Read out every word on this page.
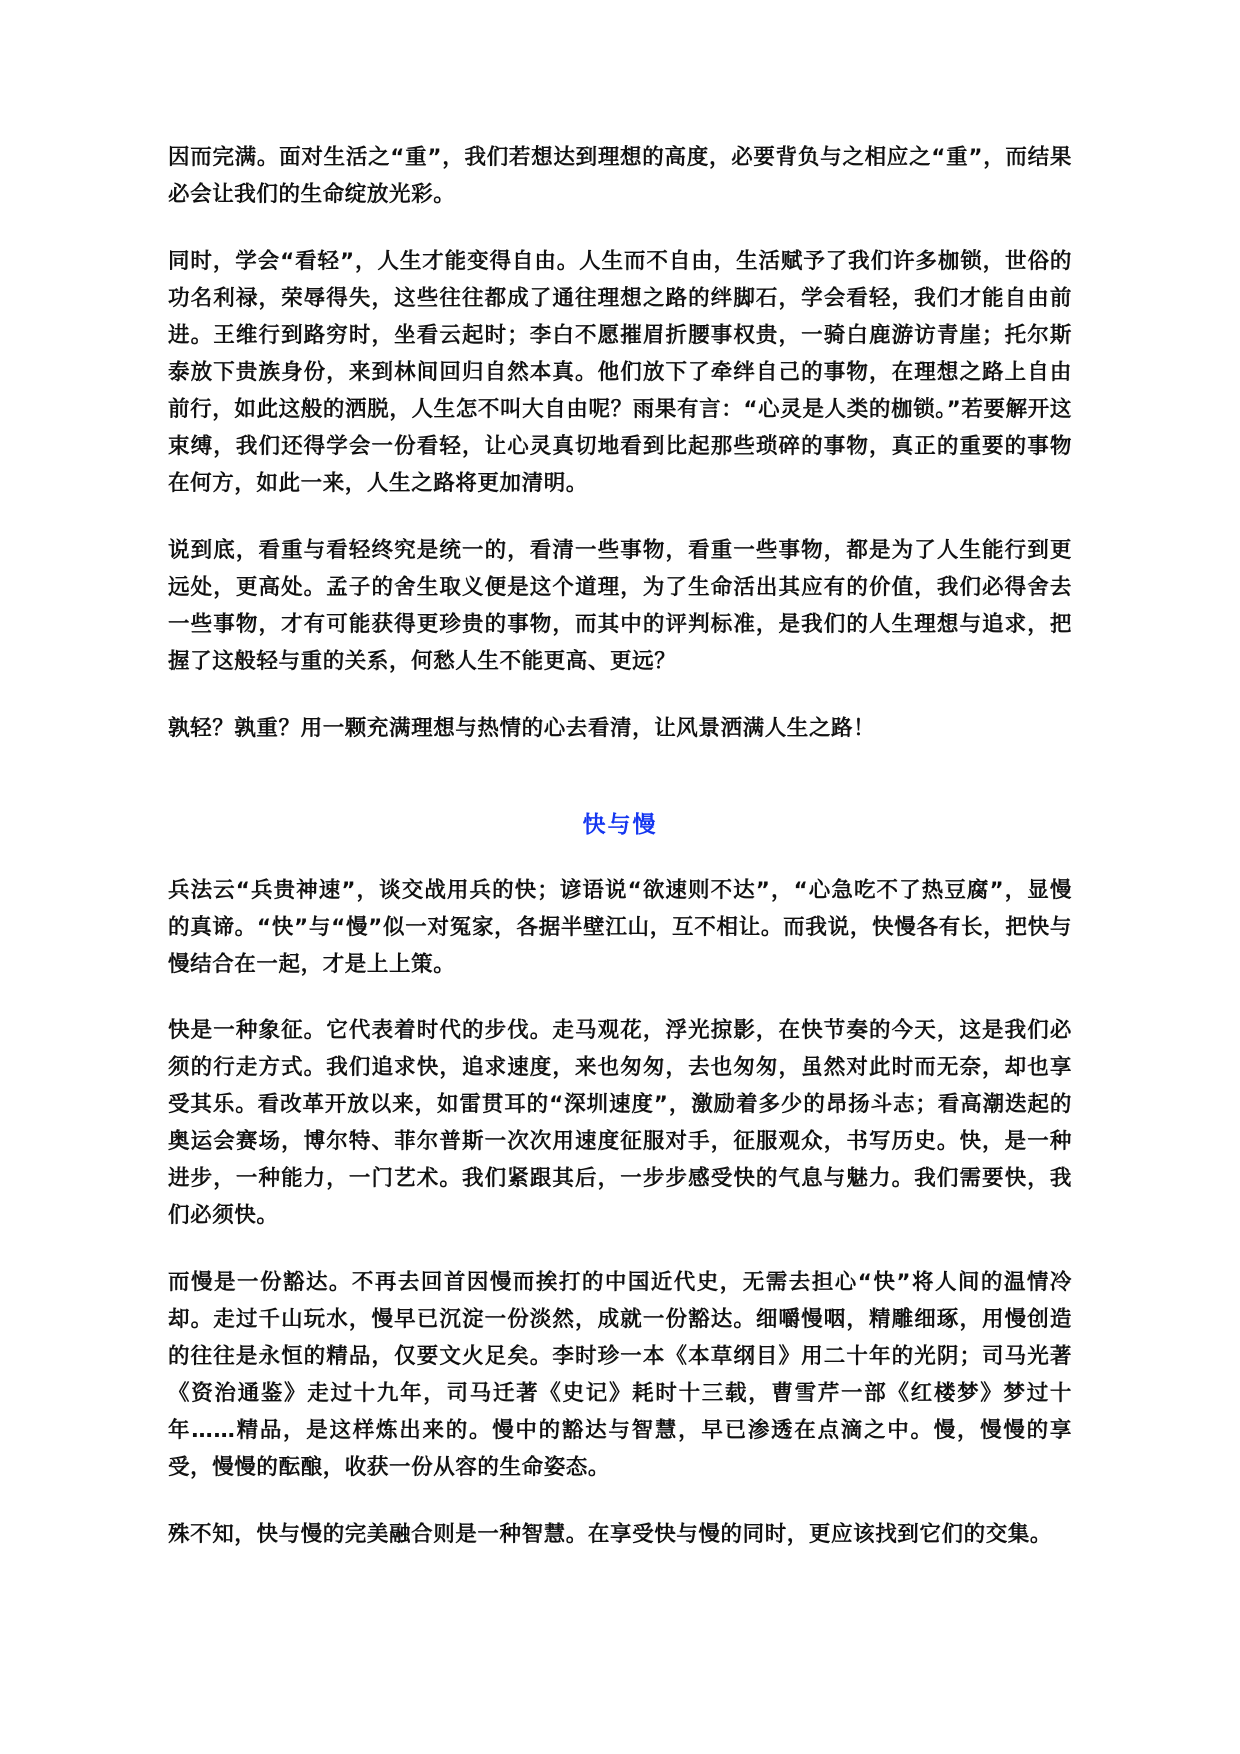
因而完满。面对生活之“重”，我们若想达到理想的高度，必要背负与之相应之“重”，而结果必会让我们的生命绽放光彩。

同时，学会“看轻”，人生才能变得自由。人生而不自由，生活赋予了我们许多枷锁，世俗的功名利禄，荣辱得失，这些往往都成了通往理想之路的绊脚石，学会看轻，我们才能自由前进。王维行到路穷时，坐看云起时；李白不愿摧眉折腰事权贵，一骑白鹿游访青崖；托尔斯泰放下贵族身份，来到林间回归自然本真。他们放下了牵绊自己的事物，在理想之路上自由前行，如此这般的洒脱，人生怎不叫大自由呢？雨果有言：“心灵是人类的枷锁。”若要解开这束缚，我们还得学会一份看轻，让心灵真切地看到比起那些琐碎的事物，真正的重要的事物在何方，如此一来，人生之路将更加清明。

说到底，看重与看轻终究是统一的，看清一些事物，看重一些事物，都是为了人生能行到更远处，更高处。孟子的舍生取义便是这个道理，为了生命活出其应有的价值，我们必得舍去一些事物，才有可能获得更珍贵的事物，而其中的评判标准，是我们的人生理想与追求，把握了这般轻与重的关系，何愁人生不能更高、更远？

孰轻？孰重？用一颗充满理想与热情的心去看清，让风景洒满人生之路！

快与慢

兵法云“兵贵神速”，谈交战用兵的快；谚语说“欲速则不达”，“心急吃不了热豆腐”，显慢的真谛。“快”与“慢”似一对冤家，各据半壁江山，互不相让。而我说，快慢各有长，把快与慢结合在一起，才是上上策。

快是一种象征。它代表着时代的步伐。走马观花，浮光掠影，在快节奏的今天，这是我们必须的行走方式。我们追求快，追求速度，来也匆匆，去也匆匆，虽然对此时而无奈，却也享受其乐。看改革开放以来，如雷贯耳的“深圳速度”，激励着多少的昂扬斗志；看高潮迭起的奥运会赛场，博尔特、菲尔普斯一次次用速度征服对手，征服观众，书写历史。快，是一种进步，一种能力，一门艺术。我们紧跟其后，一步步感受快的气息与魅力。我们需要快，我们必须快。

而慢是一份豁达。不再去回首因慢而挨打的中国近代史，无需去担心“快”将人间的温情冷却。走过千山玩水，慢早已沉淀一份淡然，成就一份豁达。细嚼慢咽，精雕细琢，用慢创造的往往是永恒的精品，仅要文火足矣。李时珍一本《本草纲目》用二十年的光阴；司马光著《资治通鉴》走过十九年，司马迁著《史记》耗时十三载，曹雪芹一部《红楼梦》梦过十年……精品，是这样炼出来的。慢中的豁达与智慧，早已渗透在点滴之中。慢，慢慢的享受，慢慢的酝酿，收获一份从容的生命姿态。

殊不知，快与慢的完美融合则是一种智慧。在享受快与慢的同时，更应该找到它们的交集。
